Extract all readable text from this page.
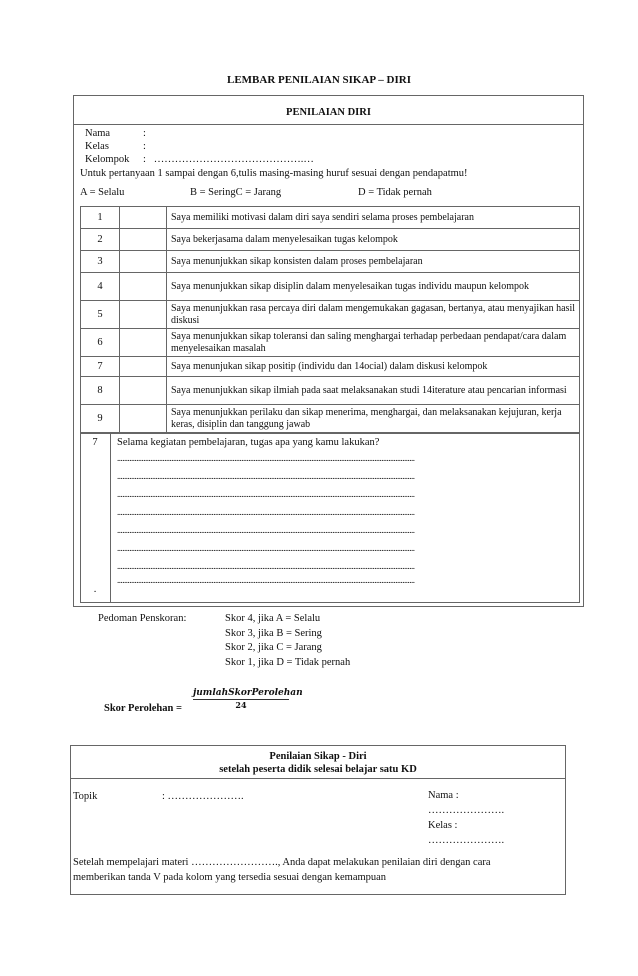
LEMBAR PENILAIAN SIKAP – DIRI
PENILAIAN DIRI
Nama	:
Kelas	:
Kelompok : …………………………………….…
Untuk pertanyaan 1 sampai dengan 6,tulis masing-masing huruf sesuai dengan pendapatmu!
A = Selalu	B = SeringC = Jarang	D = Tidak pernah
1		Saya memiliki motivasi dalam diri saya sendiri selama proses pembelajaran
2		Saya bekerjasama dalam menyelesaikan tugas kelompok
3		Saya menunjukkan sikap konsisten dalam proses pembelajaran
4		Saya menunjukkan sikap disiplin dalam menyelesaikan tugas individu maupun kelompok
5		Saya menunjukkan rasa percaya diri dalam mengemukakan gagasan, bertanya, atau menyajikan hasil diskusi
6		Saya menunjukkan sikap toleransi dan saling menghargai terhadap perbedaan pendapat/cara dalam menyelesaikan masalah
7		Saya menunjukan sikap positip (individu dan 14ocial) dalam diskusi kelompok
8		Saya menunjukkan sikap ilmiah pada saat melaksanakan studi 14iterature atau pencarian informasi
9		Saya menunjukkan perilaku dan sikap menerima, menghargai, dan melaksanakan kejujuran, kerja keras, disiplin dan tanggung jawab
7
.
Selama kegiatan pembelajaran, tugas apa yang kamu lakukan?
..........................................................................................................................................................................
..........................................................................................................................................................................
..........................................................................................................................................................................
..........................................................................................................................................................................
..........................................................................................................................................................................
..........................................................................................................................................................................
..........................................................................................................................................................................
..........................................................................................................................................................................
Pedoman Penskoran:	Skor 4, jika A = Selalu
Skor 3, jika B = Sering
Skor 2, jika C = Jarang
Skor 1, jika D = Tidak pernah
Skor Perolehan =
jumlahSkorPerolehan
24
Penilaian Sikap - Diri
setelah peserta didik selesai belajar satu KD
Topik	: ………………….	Nama :
………………….
Kelas :
………………….
Setelah mempelajari materi ……………………., Anda dapat melakukan penilaian diri dengan cara
memberikan tanda V pada kolom yang tersedia sesuai dengan kemampuan
